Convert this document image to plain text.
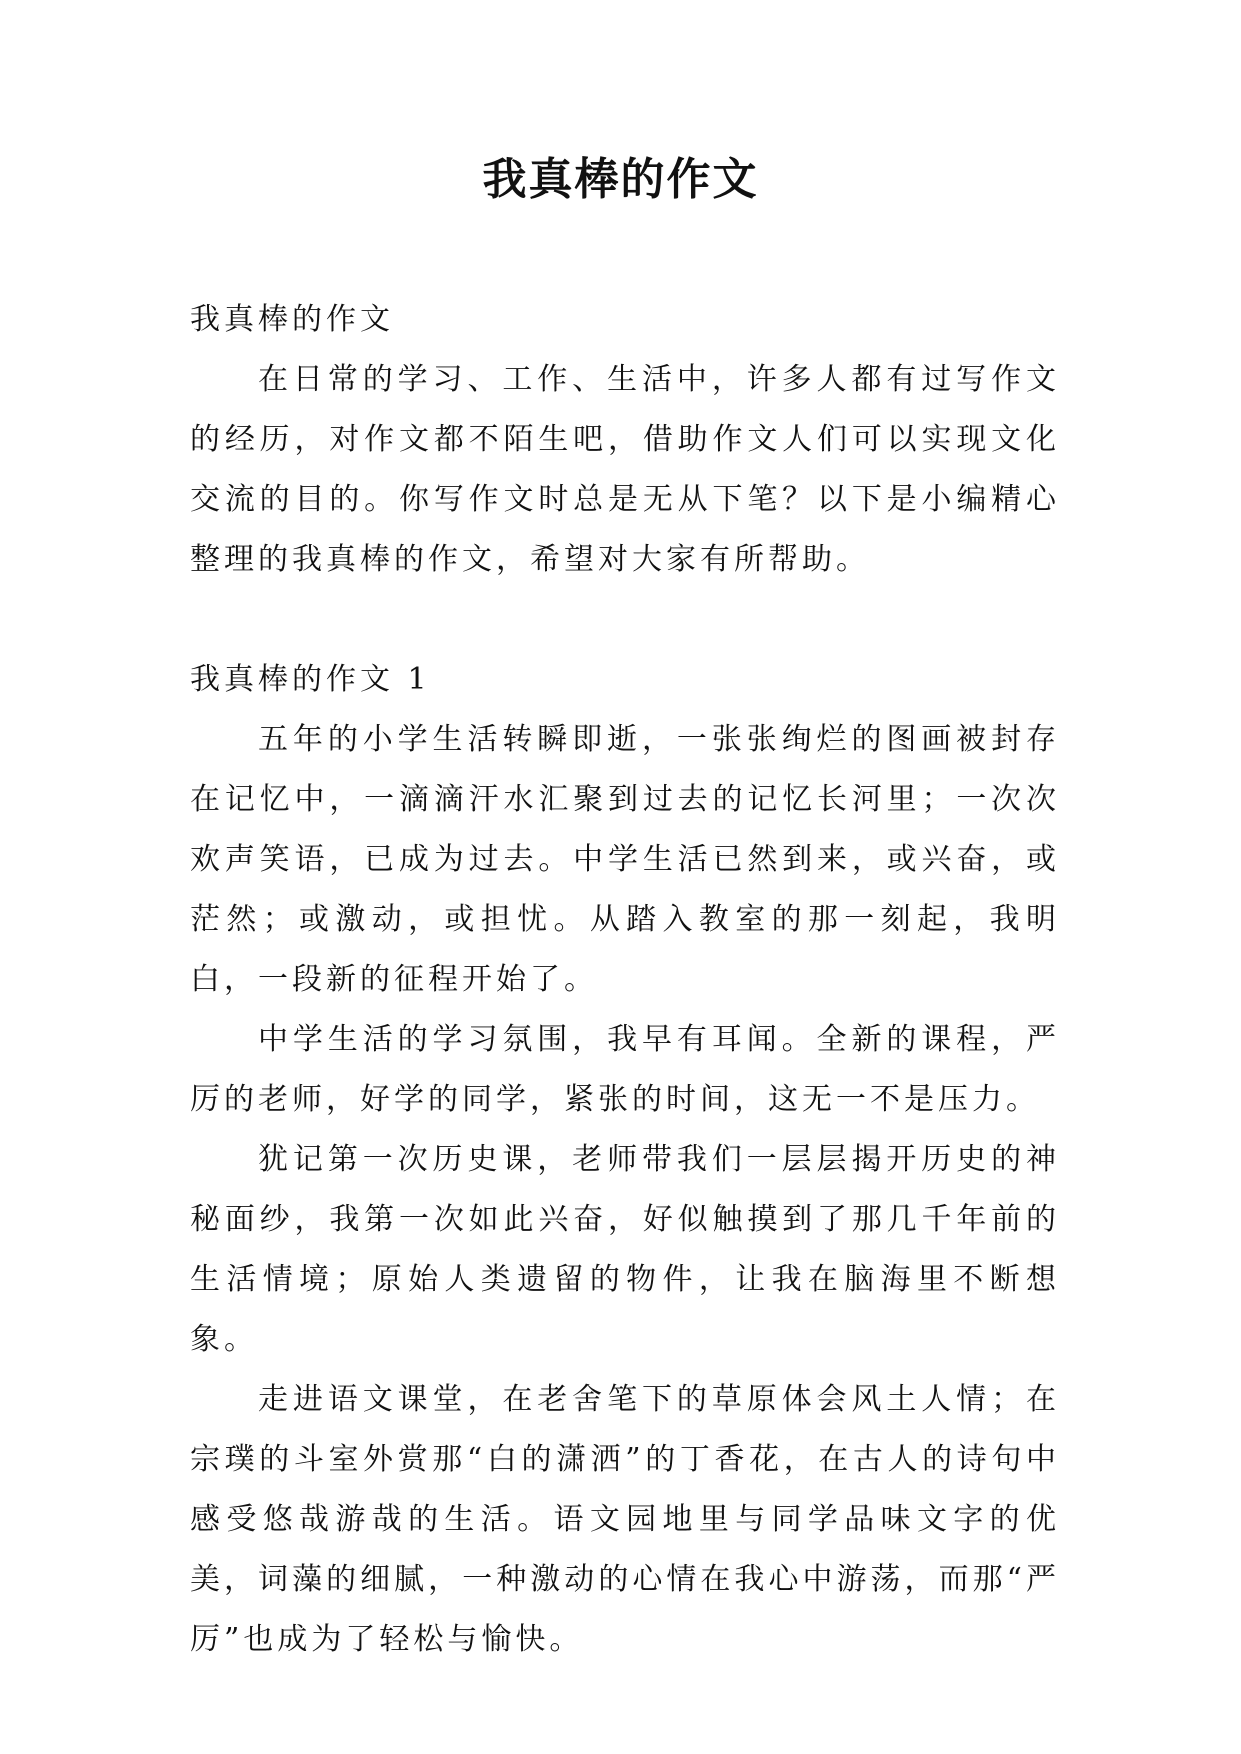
我真棒的作文

我真棒的作文

在日常的学习、工作、生活中，许多人都有过写作文的经历，对作文都不陌生吧，借助作文人们可以实现文化交流的目的。你写作文时总是无从下笔？以下是小编精心整理的我真棒的作文，希望对大家有所帮助。

我真棒的作文 1

五年的小学生活转瞬即逝，一张张绚烂的图画被封存在记忆中，一滴滴汗水汇聚到过去的记忆长河里；一次次欢声笑语，已成为过去。中学生活已然到来，或兴奋，或茫然；或激动，或担忧。从踏入教室的那一刻起，我明白，一段新的征程开始了。

中学生活的学习氛围，我早有耳闻。全新的课程，严厉的老师，好学的同学，紧张的时间，这无一不是压力。

犹记第一次历史课，老师带我们一层层揭开历史的神秘面纱，我第一次如此兴奋，好似触摸到了那几千年前的生活情境；原始人类遗留的物件，让我在脑海里不断想象。

走进语文课堂，在老舍笔下的草原体会风土人情；在宗璞的斗室外赏那“白的潇洒”的丁香花，在古人的诗句中感受悠哉游哉的生活。语文园地里与同学品味文字的优美，词藻的细腻，一种激动的心情在我心中游荡，而那“严厉”也成为了轻松与愉快。
